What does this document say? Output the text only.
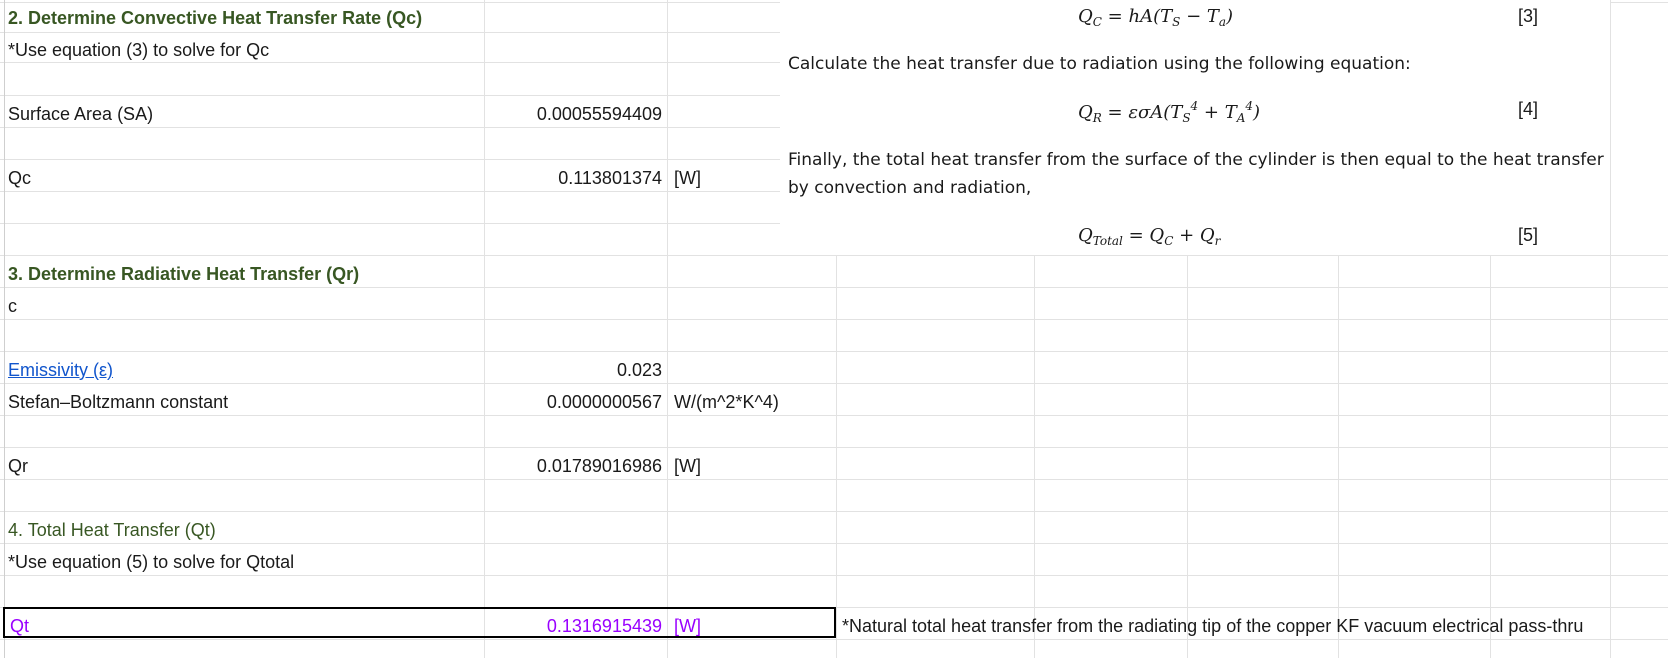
2. Determine Convective Heat Transfer Rate (Qc)
*Use equation (3) to solve for Qc
Surface Area (SA)	0.00055594409
Qc	0.113801374 [W]
3. Determine Radiative Heat Transfer (Qr)
c
Emissivity (ε)	0.023
Stefan–Boltzmann constant	0.0000000567 W/(m^2*K^4)
Qr	0.01789016986 [W]
4. Total Heat Transfer (Qt)
*Use equation (5) to solve for Qtotal
Qt	0.1316915439 [W]	*Natural total heat transfer from the radiating tip of the copper KF vacuum electrical pass-thru
$Q_C = hA(T_S - T_a)$	[3]
Calculate the heat transfer due to radiation using the following equation:
$Q_R = \varepsilon\sigma A(T_S^4 + T_A^4)$	[4]
Finally, the total heat transfer from the surface of the cylinder is then equal to the heat transfer
by convection and radiation,
$Q_{Total} = Q_C + Q_r$	[5]
